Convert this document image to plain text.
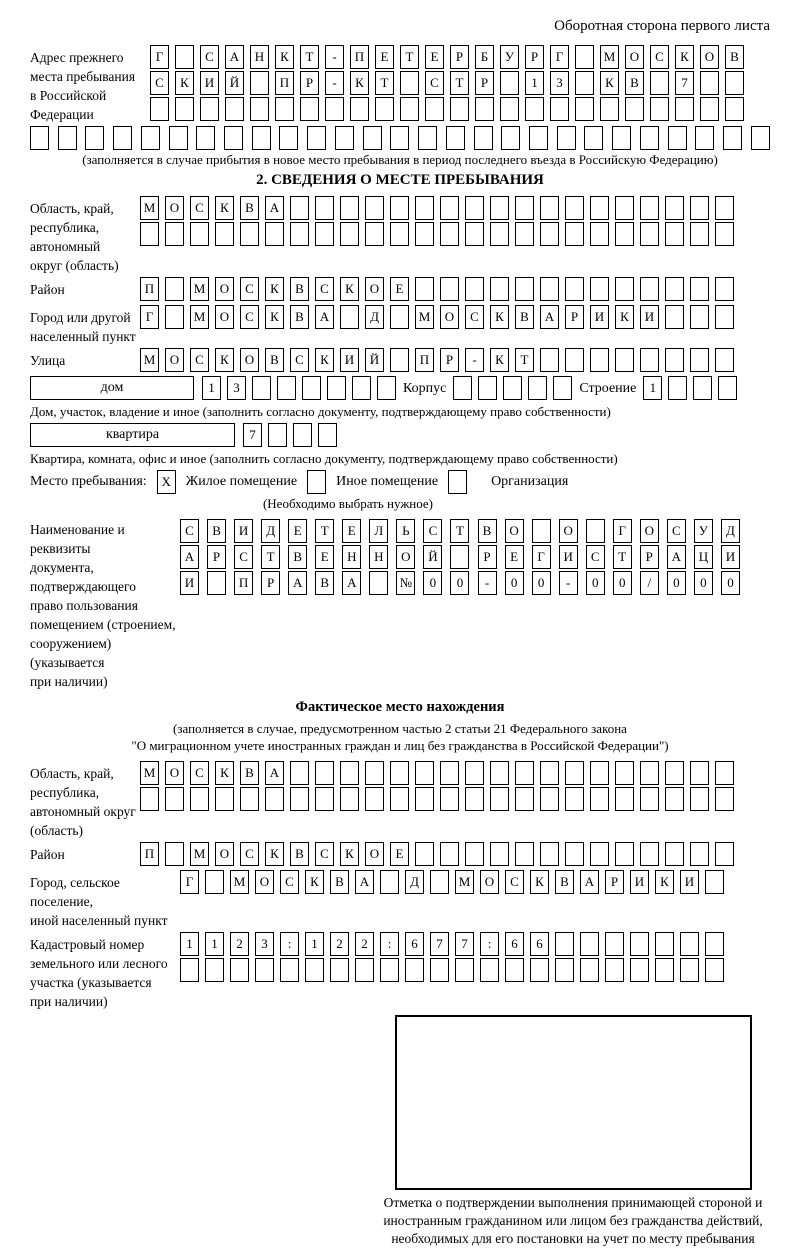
Оборотная сторона первого листа
Адрес прежнего
места пребывания
в Российской
Федерации
Г	С	А	Н	К	Т	-	П	Е	Т	Е	Р	Б	У	Р	Г	М	О	С	К	О	В
С	К	И	Й	П	Р	-	К	Т	С	Т	Р	1	3	К	В	7
(заполняется в случае прибытия в новое место пребывания в период последнего въезда в Российскую Федерацию)
2. СВЕДЕНИЯ О МЕСТЕ ПРЕБЫВАНИЯ
Область, край,
республика,
автономный
округ (область)
М	О	С	К	В	А
Район	П	М	О	С	К	В	С	К	О	Е
Город или другой
населенный пункт
Г	М	О	С	К	В	А	Д	М	О	С	К	В	А	Р	И	К	И
Улица	М	О	С	К	О	В	С	К	И	Й	П	Р	-	К	Т
дом	1	3	Корпус	Строение	1
Дом, участок, владение и иное (заполнить согласно документу, подтверждающему право собственности)
квартира	7
Квартира, комната, офис и иное (заполнить согласно документу, подтверждающему право собственности)
Место пребывания:	X	Жилое помещение	Иное помещение	Организация
(Необходимо выбрать нужное)
Наименование и реквизиты
документа, подтверждающего
право пользования
помещением (строением,
сооружением) (указывается
при наличии)
С	В	И	Д	Е	Т	Е	Л	Ь	С	Т	В	О	О	Г	О	С	У	Д
А	Р	С	Т	В	Е	Н	Н	О	Й	Р	Е	Г	И	С	Т	Р	А	Ц	И
И	П	Р	А	В	А	№	0	0	-	0	0	-	0	0	/	0	0	0
Фактическое место нахождения
(заполняется в случае, предусмотренном частью 2 статьи 21 Федерального закона
"О миграционном учете иностранных граждан и лиц без гражданства в Российской Федерации")
Область, край,
республика,
автономный округ
(область)
М	О	С	К	В	А
Район	П	М	О	С	К	В	С	К	О	Е
Город, сельское поселение,
иной населенный пункт
Г	М	О	С	К	В	А	Д	М	О	С	К	В	А	Р	И	К	И
Кадастровый номер
земельного или лесного
участка (указывается
при наличии)
1	1	2	3	:	1	2	2	:	6	7	7	:	6	6
Отметка о подтверждении выполнения принимающей стороной и иностранным гражданином или лицом без гражданства действий, необходимых для его постановки на учет по месту пребывания
